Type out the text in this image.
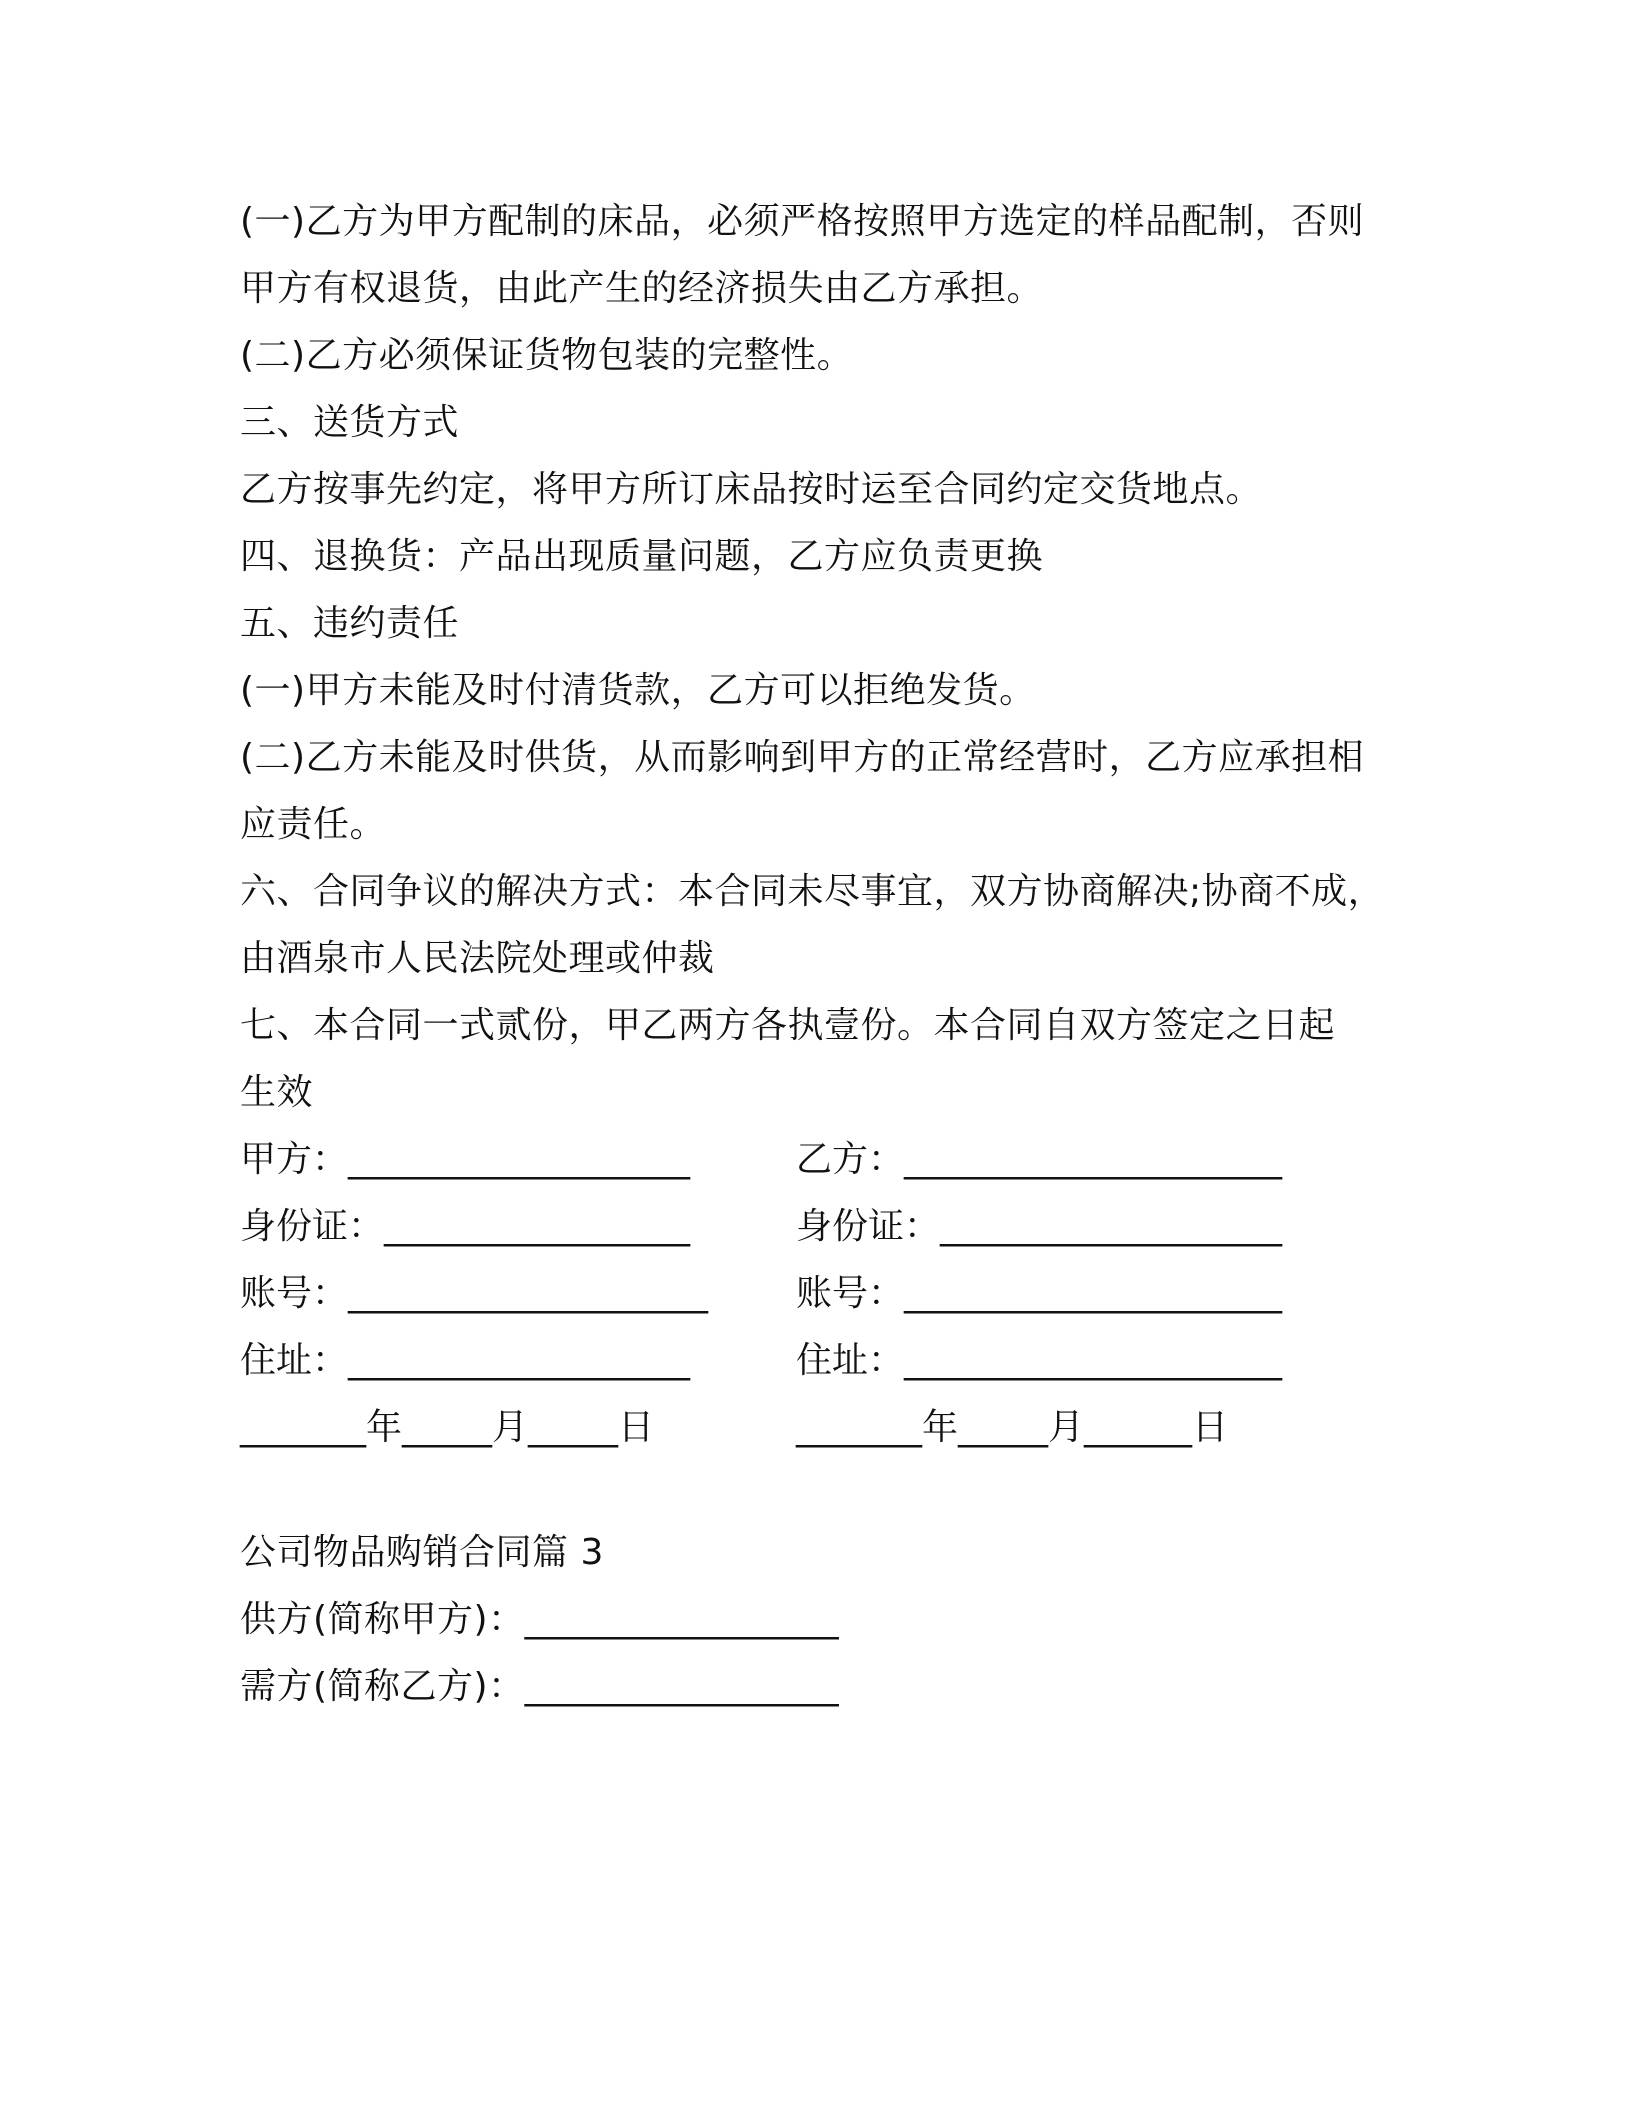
(一)乙方为甲方配制的床品，必须严格按照甲方选定的样品配制，否则
甲方有权退货，由此产生的经济损失由乙方承担。
(二)乙方必须保证货物包装的完整性。
三、送货方式
乙方按事先约定，将甲方所订床品按时运至合同约定交货地点。
四、退换货：产品出现质量问题，乙方应负责更换
五、违约责任
(一)甲方未能及时付清货款，乙方可以拒绝发货。
(二)乙方未能及时供货，从而影响到甲方的正常经营时，乙方应承担相
应责任。
六、合同争议的解决方式：本合同未尽事宜，双方协商解决;协商不成，
由酒泉市人民法院处理或仲裁
七、本合同一式贰份，甲乙两方各执壹份。本合同自双方签定之日起
生效
甲方：___________________	乙方：_____________________
身份证：_________________	身份证：___________________
账号：____________________ 账号：_____________________
住址：___________________	住址：_____________________
_______年_____月_____日	_______年_____月______日
公司物品购销合同篇 3
供方(简称甲方)：_________________
需方(简称乙方)：_________________
